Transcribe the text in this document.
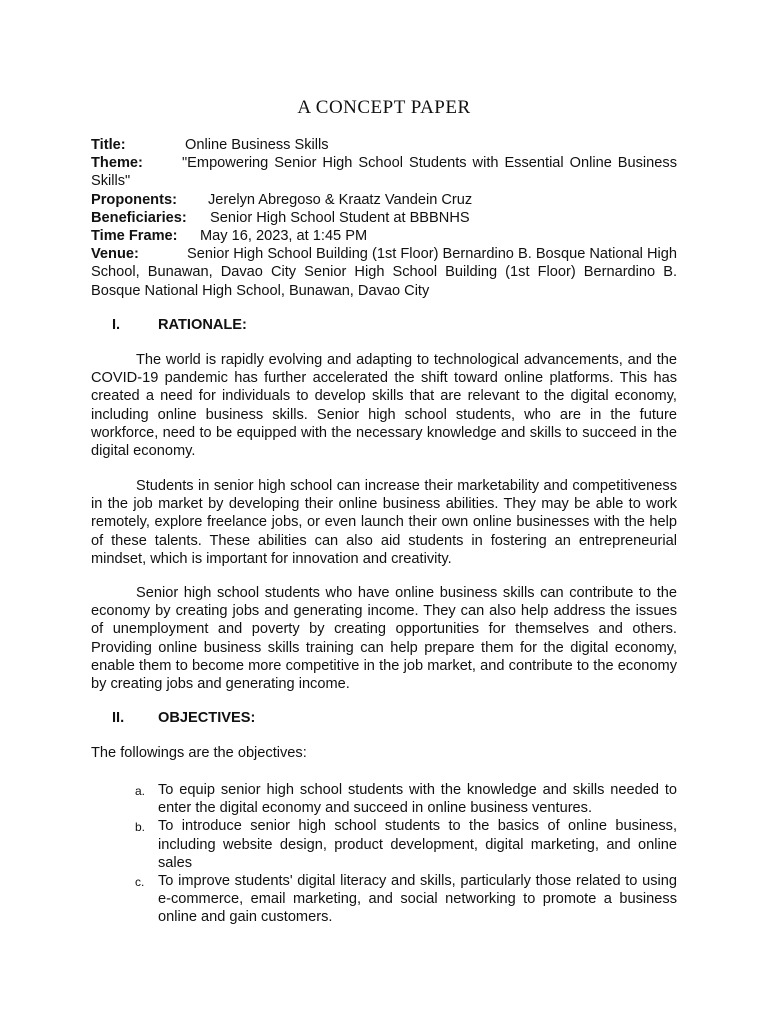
A CONCEPT PAPER
Title:	Online Business Skills
Theme:	"Empowering Senior High School Students with Essential Online Business Skills"
Proponents: Jerelyn Abregoso & Kraatz Vandein Cruz
Beneficiaries: Senior High School Student at BBBNHS
Time Frame: May 16, 2023, at 1:45 PM
Venue:	Senior High School Building (1st Floor) Bernardino B. Bosque National High School, Bunawan, Davao City Senior High School Building (1st Floor) Bernardino B. Bosque National High School, Bunawan, Davao City
I.	RATIONALE:

The world is rapidly evolving and adapting to technological advancements, and the COVID-19 pandemic has further accelerated the shift toward online platforms. This has created a need for individuals to develop skills that are relevant to the digital economy, including online business skills. Senior high school students, who are in the future workforce, need to be equipped with the necessary knowledge and skills to succeed in the digital economy.

Students in senior high school can increase their marketability and competitiveness in the job market by developing their online business abilities. They may be able to work remotely, explore freelance jobs, or even launch their own online businesses with the help of these talents. These abilities can also aid students in fostering an entrepreneurial mindset, which is important for innovation and creativity.

Senior high school students who have online business skills can contribute to the economy by creating jobs and generating income. They can also help address the issues of unemployment and poverty by creating opportunities for themselves and others. Providing online business skills training can help prepare them for the digital economy, enable them to become more competitive in the job market, and contribute to the economy by creating jobs and generating income.

II. OBJECTIVES:
The followings are the objectives:
a. To equip senior high school students with the knowledge and skills needed to enter the digital economy and succeed in online business ventures.
b. To introduce senior high school students to the basics of online business, including website design, product development, digital marketing, and online sales
c. To improve students' digital literacy and skills, particularly those related to using e-commerce, email marketing, and social networking to promote a business online and gain customers.
